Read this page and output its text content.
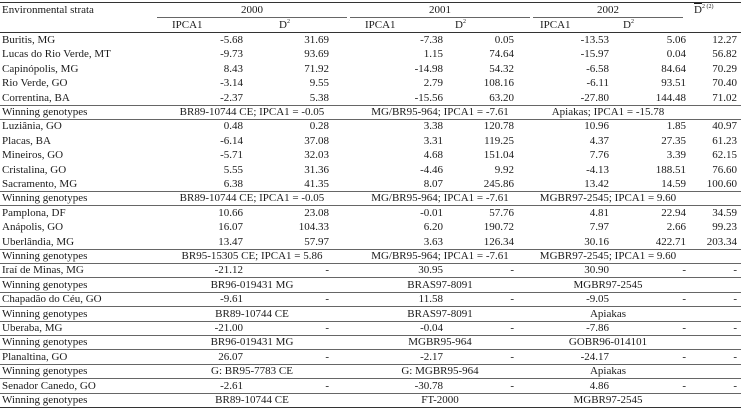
Environmental strata	2000	2001	2002	$\overline{D}^{2 (2)}$
IPCA1	$D^2$	IPCA1	$D^2$	IPCA1	$D^2$
Buritis, MG	-5.68	31.69	-7.38	0.05	-13.53	5.06	12.27
Lucas do Rio Verde, MT	-9.73	93.69	1.15	74.64	-15.97	0.04	56.82
Capinópolis, MG	8.43	71.92	-14.98	54.32	-6.58	84.64	70.29
Rio Verde, GO	-3.14	9.55	2.79	108.16	-6.11	93.51	70.40
Correntina, BA	-2.37	5.38	-15.56	63.20	-27.80	144.48	71.02
Winning genotypes	BR89-10744 CE; IPCA1 = -0.05	MG/BR95-964; IPCA1 = -7.61	Apiakas; IPCA1 = -15.78
Luziânia, GO	0.48	0.28	3.38	120.78	10.96	1.85	40.97
Placas, BA	-6.14	37.08	3.31	119.25	4.37	27.35	61.23
Mineiros, GO	-5.71	32.03	4.68	151.04	7.76	3.39	62.15
Cristalina, GO	5.55	31.36	-4.46	9.92	-4.13	188.51	76.60
Sacramento, MG	6.38	41.35	8.07	245.86	13.42	14.59	100.60
Winning genotypes	BR89-10744 CE; IPCA1 = -0.05	MG/BR95-964; IPCA1 = -7.61	MGBR97-2545; IPCA1 = 9.60
Pamplona, DF	10.66	23.08	-0.01	57.76	4.81	22.94	34.59
Anápolis, GO	16.07	104.33	6.20	190.72	7.97	2.66	99.23
Uberlândia, MG	13.47	57.97	3.63	126.34	30.16	422.71	203.34
Winning genotypes	BR95-15305 CE; IPCA1 = 5.86	MG/BR95-964; IPCA1 = -7.61	MGBR97-2545; IPCA1 = 9.60
Iraí de Minas, MG	-21.12	-	30.95	-	30.90	-	-
Winning genotypes	BR96-019431 MG	BRAS97-8091	MGBR97-2545
Chapadão do Céu, GO	-9.61	-	11.58	-	-9.05	-	-
Winning genotypes	BR89-10744 CE	BRAS97-8091	Apiakas
Uberaba, MG	-21.00	-	-0.04	-	-7.86	-	-
Winning genotypes	BR96-019431 MG	MGBR95-964	GOBR96-014101
Planaltina, GO	26.07	-	-2.17	-	-24.17	-	-
Winning genotypes	G: BR95-7783 CE	G: MGBR95-964	Apiakas
Senador Canedo, GO	-2.61	-	-30.78	-	4.86	-	-
Winning genotypes	BR89-10744 CE	FT-2000	MGBR97-2545
